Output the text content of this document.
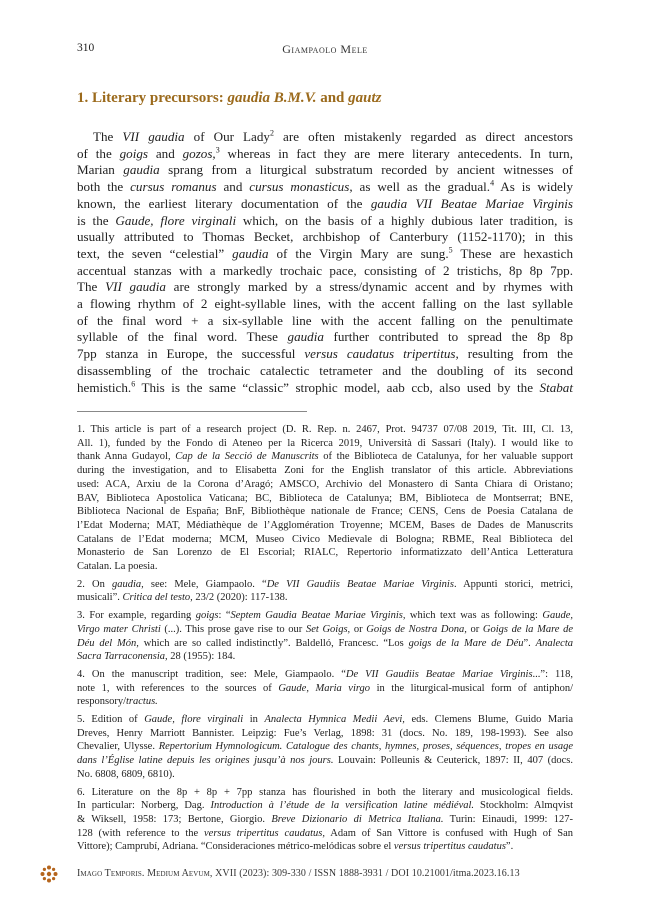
310	Giampaolo Mele
1. Literary precursors: gaudia B.M.V. and gautz
The VII gaudia of Our Lady$^2$ are often mistakenly regarded as direct ancestors
of the goigs and gozos,$^3$ whereas in fact they are mere literary antecedents. In turn,
Marian gaudia sprang from a liturgical substratum recorded by ancient witnesses of
both the cursus romanus and cursus monasticus, as well as the gradual.$^4$ As is widely
known, the earliest literary documentation of the gaudia VII Beatae Mariae Virginis
is the Gaude, flore virginali which, on the basis of a highly dubious later tradition, is
usually attributed to Thomas Becket, archbishop of Canterbury (1152-1170); in this
text, the seven “celestial” gaudia of the Virgin Mary are sung.$^5$ These are hexastich
accentual stanzas with a markedly trochaic pace, consisting of 2 tristichs, 8p 8p 7pp.
The VII gaudia are strongly marked by a stress/dynamic accent and by rhymes with
a flowing rhythm of 2 eight-syllable lines, with the accent falling on the last syllable
of the final word + a six-syllable line with the accent falling on the penultimate
syllable of the final word. These gaudia further contributed to spread the 8p 8p
7pp stanza in Europe, the successful versus caudatus tripertitus, resulting from the
disassembling of the trochaic catalectic tetrameter and the doubling of its second
hemistich.$^6$ This is the same “classic” strophic model, aab ccb, also used by the Stabat
1. This article is part of a research project (D. R. Rep. n. 2467, Prot. 94737 07/08 2019, Tit. III, Cl. 13,
All. 1), funded by the Fondo di Ateneo per la Ricerca 2019, Università di Sassari (Italy). I would like to
thank Anna Gudayol, Cap de la Secció de Manuscrits of the Biblioteca de Catalunya, for her valuable support
during the investigation, and to Elisabetta Zoni for the English translator of this article. Abbreviations
used: ACA, Arxiu de la Corona d’Aragó; AMSCO, Archivio del Monastero di Santa Chiara di Oristano;
BAV, Biblioteca Apostolica Vaticana; BC, Biblioteca de Catalunya; BM, Biblioteca de Montserrat; BNE,
Biblioteca Nacional de España; BnF, Bibliothèque nationale de France; CENS, Cens de Poesia Catalana de
l’Edat Moderna; MAT, Médiathèque de l’Agglomération Troyenne; MCEM, Bases de Dades de Manuscrits
Catalans de l’Edat moderna; MCM, Museo Civico Medievale di Bologna; RBME, Real Biblioteca del
Monasterio de San Lorenzo de El Escorial; RIALC, Repertorio informatizzato dell’Antica Letteratura
Catalan. La poesia.
2. On gaudia, see: Mele, Giampaolo. “De VII Gaudiis Beatae Mariae Virginis. Appunti storici, metrici,
musicali”. Critica del testo, 23/2 (2020): 117-138.
3. For example, regarding goigs: “Septem Gaudia Beatae Mariae Virginis, which text was as following: Gaude,
Virgo mater Christi (...). This prose gave rise to our Set Goigs, or Goigs de Nostra Dona, or Goigs de la Mare de
Déu del Món, which are so called indistinctly”. Baldelló, Francesc. “Los goigs de la Mare de Déu”. Analecta
Sacra Tarraconensia, 28 (1955): 184.
4. On the manuscript tradition, see: Mele, Giampaolo. “De VII Gaudiis Beatae Mariae Virginis...”: 118,
note 1, with references to the sources of Gaude, Maria virgo in the liturgical-musical form of antiphon/
responsory/tractus.
5. Edition of Gaude, flore virginali in Analecta Hymnica Medii Aevi, eds. Clemens Blume, Guido Maria
Dreves, Henry Marriott Bannister. Leipzig: Fue’s Verlag, 1898: 31 (docs. No. 189, 198-1993). See also
Chevalier, Ulysse. Repertorium Hymnologicum. Catalogue des chants, hymnes, proses, séquences, tropes en usage
dans l’Église latine depuis les origines jusqu’à nos jours. Louvain: Polleunis & Ceuterick, 1897: II, 407 (docs.
No. 6808, 6809, 6810).
6. Literature on the 8p + 8p + 7pp stanza has flourished in both the literary and musicological fields.
In particular: Norberg, Dag. Introduction à l’étude de la versification latine médiéval. Stockholm: Almqvist
& Wiksell, 1958: 173; Bertone, Giorgio. Breve Dizionario di Metrica Italiana. Turin: Einaudi, 1999: 127-
128 (with reference to the versus tripertitus caudatus, Adam of San Vittore is confused with Hugh of San
Vittore); Camprubí, Adriana. “Consideraciones métrico-melódicas sobre el versus tripertitus caudatus”.
Imago Temporis. Medium Aevum, XVII (2023): 309-330 / ISSN 1888-3931 / DOI 10.21001/itma.2023.16.13
